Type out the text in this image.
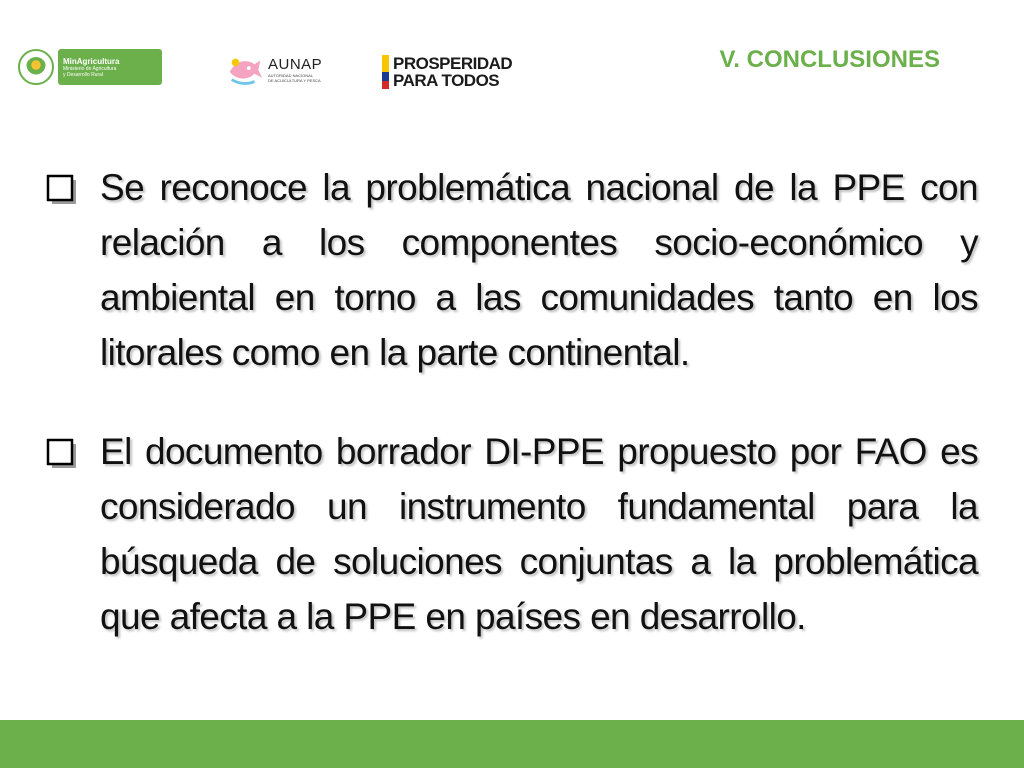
MinAgricultura
Ministerio de Agricultura
y Desarrollo Rural
AUNAP
AUTORIDAD NACIONAL
DE ACUICULTURA Y PESCA
PROSPERIDAD
PARA TODOS
V. CONCLUSIONES
Se reconoce la problemática nacional de la PPE con relación a los componentes socio-económico y ambiental en torno a las comunidades tanto en los litorales como en la parte continental.
El documento borrador DI-PPE propuesto por FAO es considerado un instrumento fundamental para la búsqueda de soluciones conjuntas a la problemática que afecta a la PPE en países en desarrollo.
